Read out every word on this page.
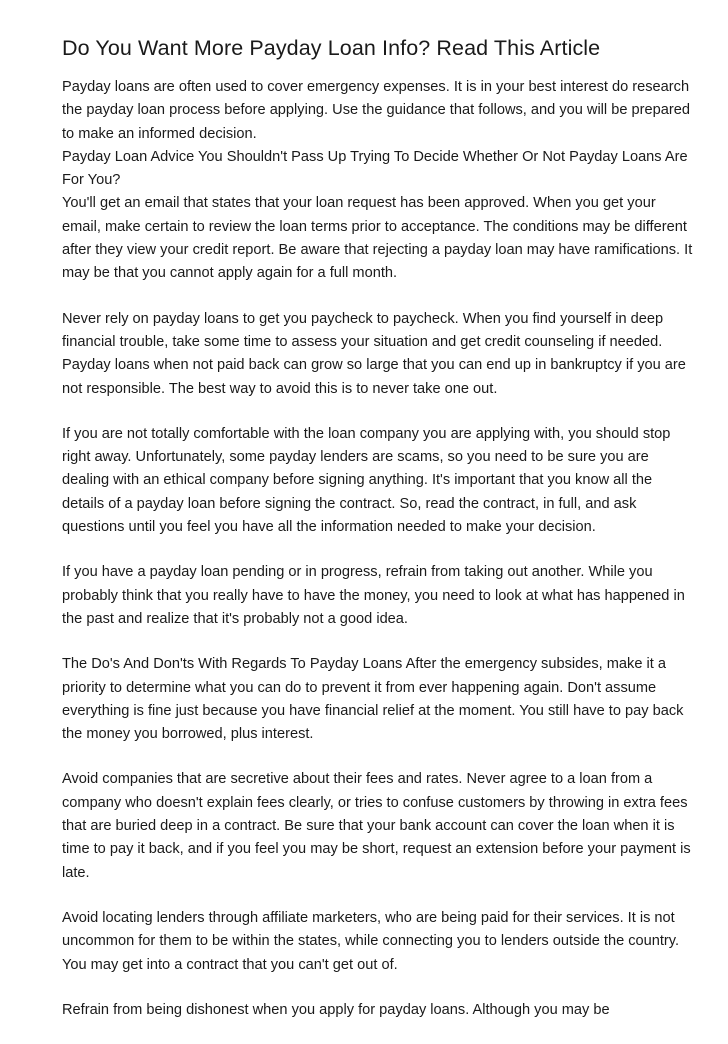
Do You Want More Payday Loan Info? Read This Article

Payday loans are often used to cover emergency expenses. It is in your best interest do research the payday loan process before applying. Use the guidance that follows, and you will be prepared to make an informed decision.

Payday Loan Advice You Shouldn't Pass Up Trying To Decide Whether Or Not Payday Loans Are For You?

You'll get an email that states that your loan request has been approved. When you get your email, make certain to review the loan terms prior to acceptance. The conditions may be different after they view your credit report. Be aware that rejecting a payday loan may have ramifications. It may be that you cannot apply again for a full month.

Never rely on payday loans to get you paycheck to paycheck. When you find yourself in deep financial trouble, take some time to assess your situation and get credit counseling if needed. Payday loans when not paid back can grow so large that you can end up in bankruptcy if you are not responsible. The best way to avoid this is to never take one out.

If you are not totally comfortable with the loan company you are applying with, you should stop right away. Unfortunately, some payday lenders are scams, so you need to be sure you are dealing with an ethical company before signing anything. It's important that you know all the details of a payday loan before signing the contract. So, read the contract, in full, and ask questions until you feel you have all the information needed to make your decision.

If you have a payday loan pending or in progress, refrain from taking out another. While you probably think that you really have to have the money, you need to look at what has happened in the past and realize that it's probably not a good idea.

The Do's And Don'ts With Regards To Payday Loans After the emergency subsides, make it a priority to determine what you can do to prevent it from ever happening again. Don't assume everything is fine just because you have financial relief at the moment. You still have to pay back the money you borrowed, plus interest.

Avoid companies that are secretive about their fees and rates. Never agree to a loan from a company who doesn't explain fees clearly, or tries to confuse customers by throwing in extra fees that are buried deep in a contract. Be sure that your bank account can cover the loan when it is time to pay it back, and if you feel you may be short, request an extension before your payment is late.

Avoid locating lenders through affiliate marketers, who are being paid for their services. It is not uncommon for them to be within the states, while connecting you to lenders outside the country. You may get into a contract that you can't get out of.

Refrain from being dishonest when you apply for payday loans. Although you may be
